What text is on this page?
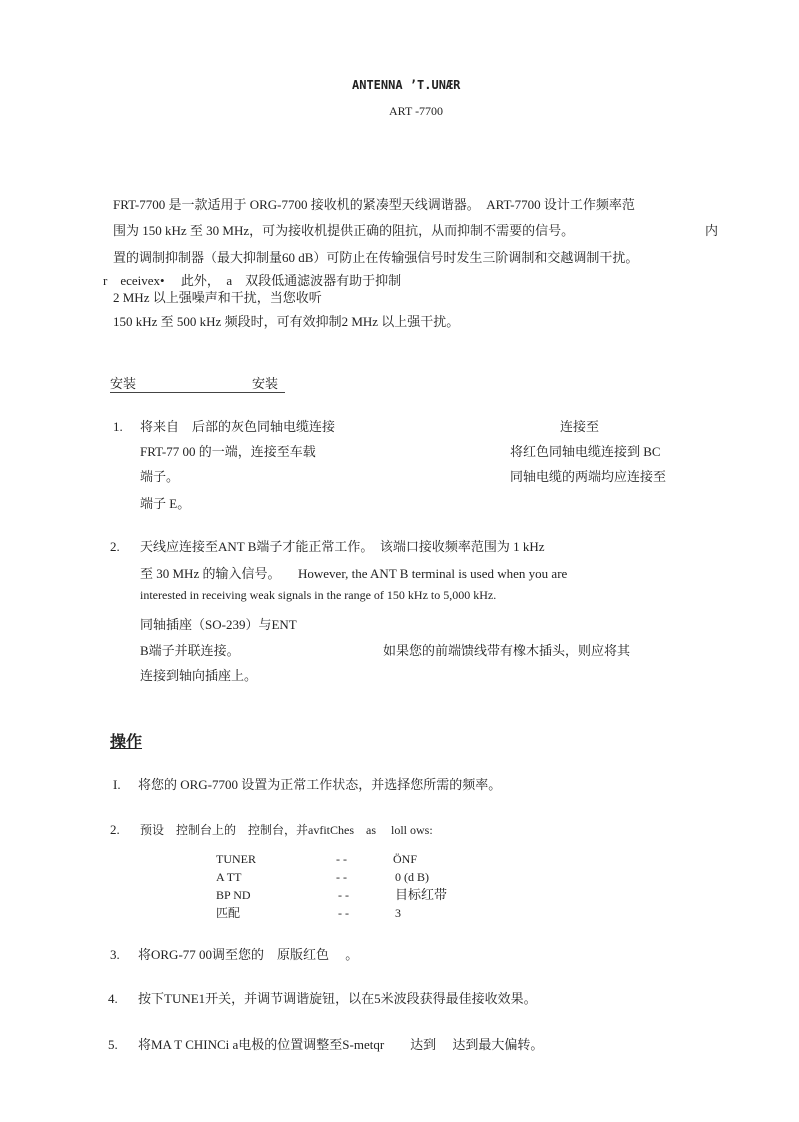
ANTENNA ’T.UNÆR
ART -7700
FRT-7700 是一款适用于 ORG-7700 接收机的紧凑型天线调谐器。　ART-7700 设计工作频率范
围为 150 kHz 至 30 MHz，可为接收机提供正确的阻抗，从而抑制不需要的信号。	内
置的调制抑制器（最大抑制量60 dB）可防止在传输强信号时发生三阶调制和交越调制干扰。
r　eceivex•　 此外，　a　双段低通滤波器有助于抑制
2 MHz 以上强噪声和干扰，当您收听
150 kHz 至 500 kHz 频段时，可有效抑制2 MHz 以上强干扰。
安装	安装
1. 将来自　后部的灰色同轴电缆连接	连接至
FRT-77 00 的一端，连接至车载	将红色同轴电缆连接到 BC
端子。	同轴电缆的两端均应连接至
端子 E。
2. 天线应连接至ANT B端子才能正常工作。　该端口接收频率范围为 1 kHz
至 30 MHz 的输入信号。 However, the ANT B terminal is used when you are
interested in receiving weak signals in the range of 150 kHz to 5,000 kHz.
同轴插座（SO-239）与ENT
B端子并联连接。	如果您的前端馈线带有橡木插头，则应将其
连接到轴向插座上。
操作
I. 将您的 ORG-7700 设置为正常工作状态，并选择您所需的频率。
2. 预设　控制台上的　控制台，并avfitChes　as　 loll ows:
TUNER	- -	ÖNF
A TT	- -	0 (d B)
BP ND	- -	目标红带
匹配	- -	3
3. 将ORG-77 00调至您的　原版红色　 。
4. 按下TUNE1开关，并调节调谐旋钮，以在5米波段获得最佳接收效果。
5. 将MA T CHINCi a电极的位置调整至S-metqr　　达到　 达到最大偏转。
